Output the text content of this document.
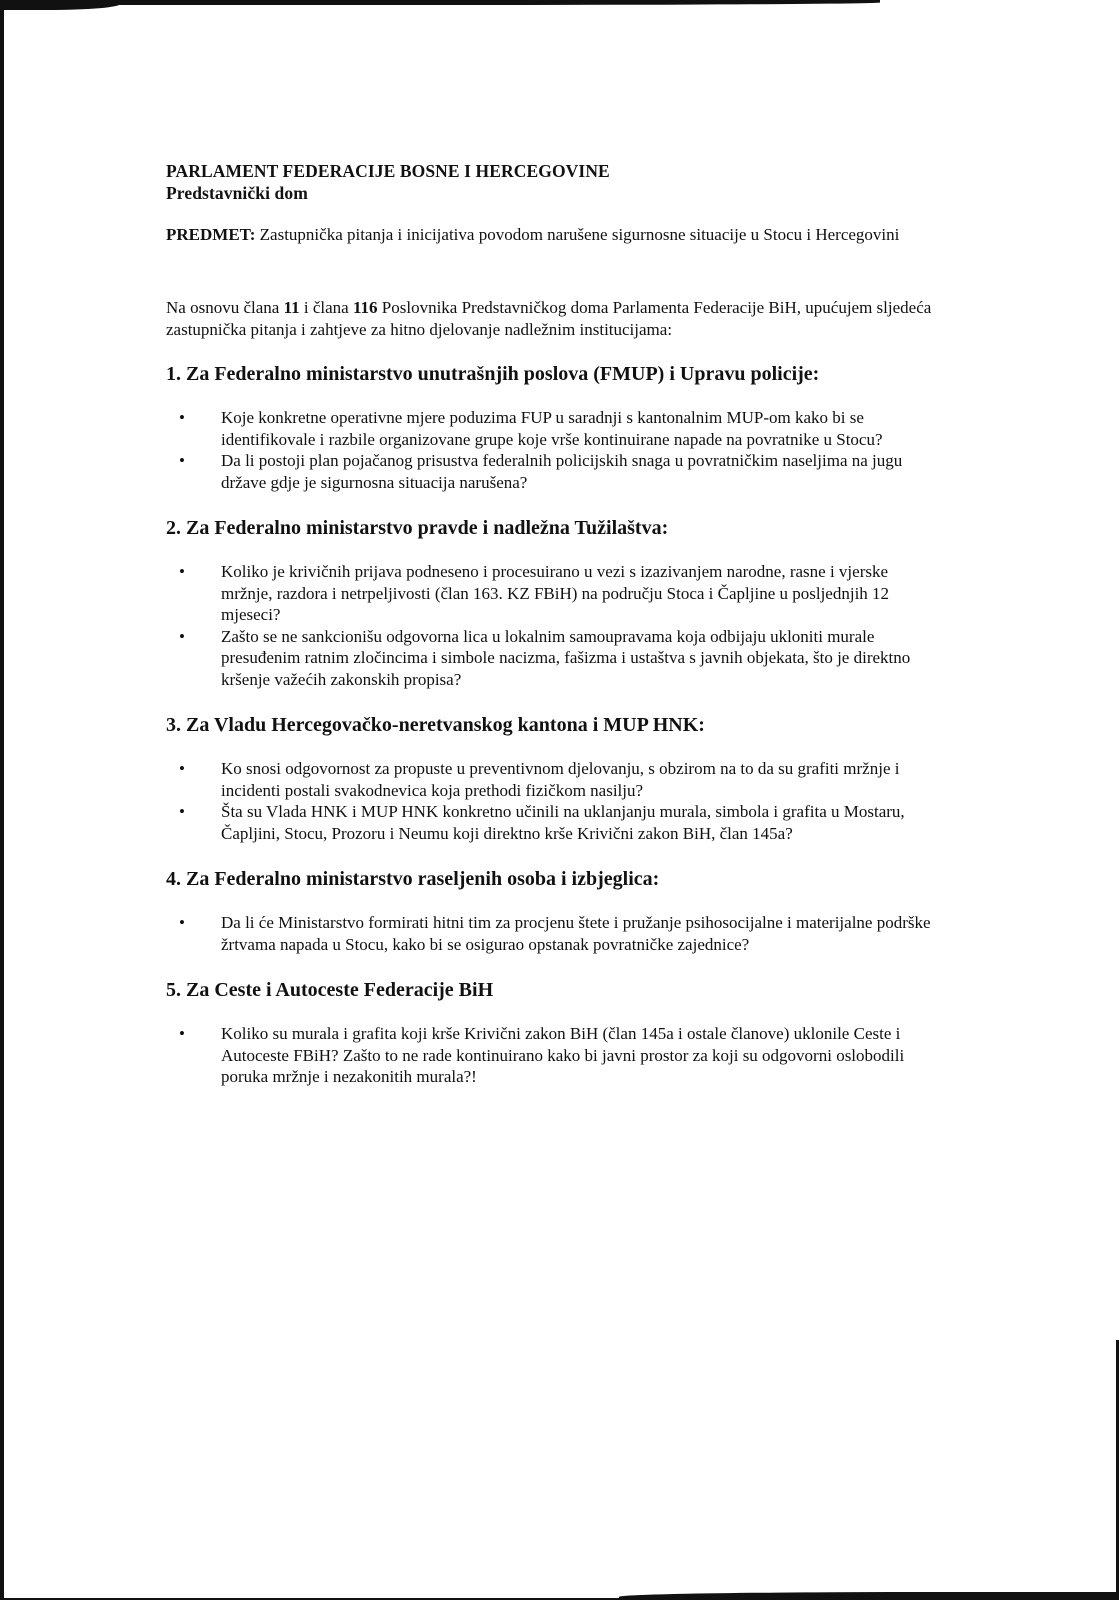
PARLAMENT FEDERACIJE BOSNE I HERCEGOVINE
Predstavnički dom
PREDMET: Zastupnička pitanja i inicijativa povodom narušene sigurnosne situacije u Stocu i Hercegovini
Na osnovu člana 11 i člana 116 Poslovnika Predstavničkog doma Parlamenta Federacije BiH, upućujem sljedeća zastupnička pitanja i zahtjeve za hitno djelovanje nadležnim institucijama:
1. Za Federalno ministarstvo unutrašnjih poslova (FMUP) i Upravu policije:
• Koje konkretne operativne mjere poduzima FUP u saradnji s kantonalnim MUP-om kako bi se identifikovale i razbile organizovane grupe koje vrše kontinuirane napade na povratnike u Stocu?
• Da li postoji plan pojačanog prisustva federalnih policijskih snaga u povratničkim naseljima na jugu države gdje je sigurnosna situacija narušena?
2. Za Federalno ministarstvo pravde i nadležna Tužilaštva:
• Koliko je krivičnih prijava podneseno i procesuirano u vezi s izazivanjem narodne, rasne i vjerske mržnje, razdora i netrpeljivosti (član 163. KZ FBiH) na području Stoca i Čapljine u posljednjih 12 mjeseci?
• Zašto se ne sankcionišu odgovorna lica u lokalnim samoupravama koja odbijaju ukloniti murale presuđenim ratnim zločincima i simbole nacizma, fašizma i ustaštva s javnih objekata, što je direktno kršenje važećih zakonskih propisa?
3. Za Vladu Hercegovačko-neretvanskog kantona i MUP HNK:
• Ko snosi odgovornost za propuste u preventivnom djelovanju, s obzirom na to da su grafiti mržnje i incidenti postali svakodnevica koja prethodi fizičkom nasilju?
• Šta su Vlada HNK i MUP HNK konkretno učinili na uklanjanju murala, simbola i grafita u Mostaru, Čapljini, Stocu, Prozoru i Neumu koji direktno krše Krivični zakon BiH, član 145a?
4. Za Federalno ministarstvo raseljenih osoba i izbjeglica:
• Da li će Ministarstvo formirati hitni tim za procjenu štete i pružanje psihosocijalne i materijalne podrške žrtvama napada u Stocu, kako bi se osigurao opstanak povratničke zajednice?
5. Za Ceste i Autoceste Federacije BiH
• Koliko su murala i grafita koji krše Krivični zakon BiH (član 145a i ostale članove) uklonile Ceste i Autoceste FBiH? Zašto to ne rade kontinuirano kako bi javni prostor za koji su odgovorni oslobodili poruka mržnje i nezakonitih murala?!
